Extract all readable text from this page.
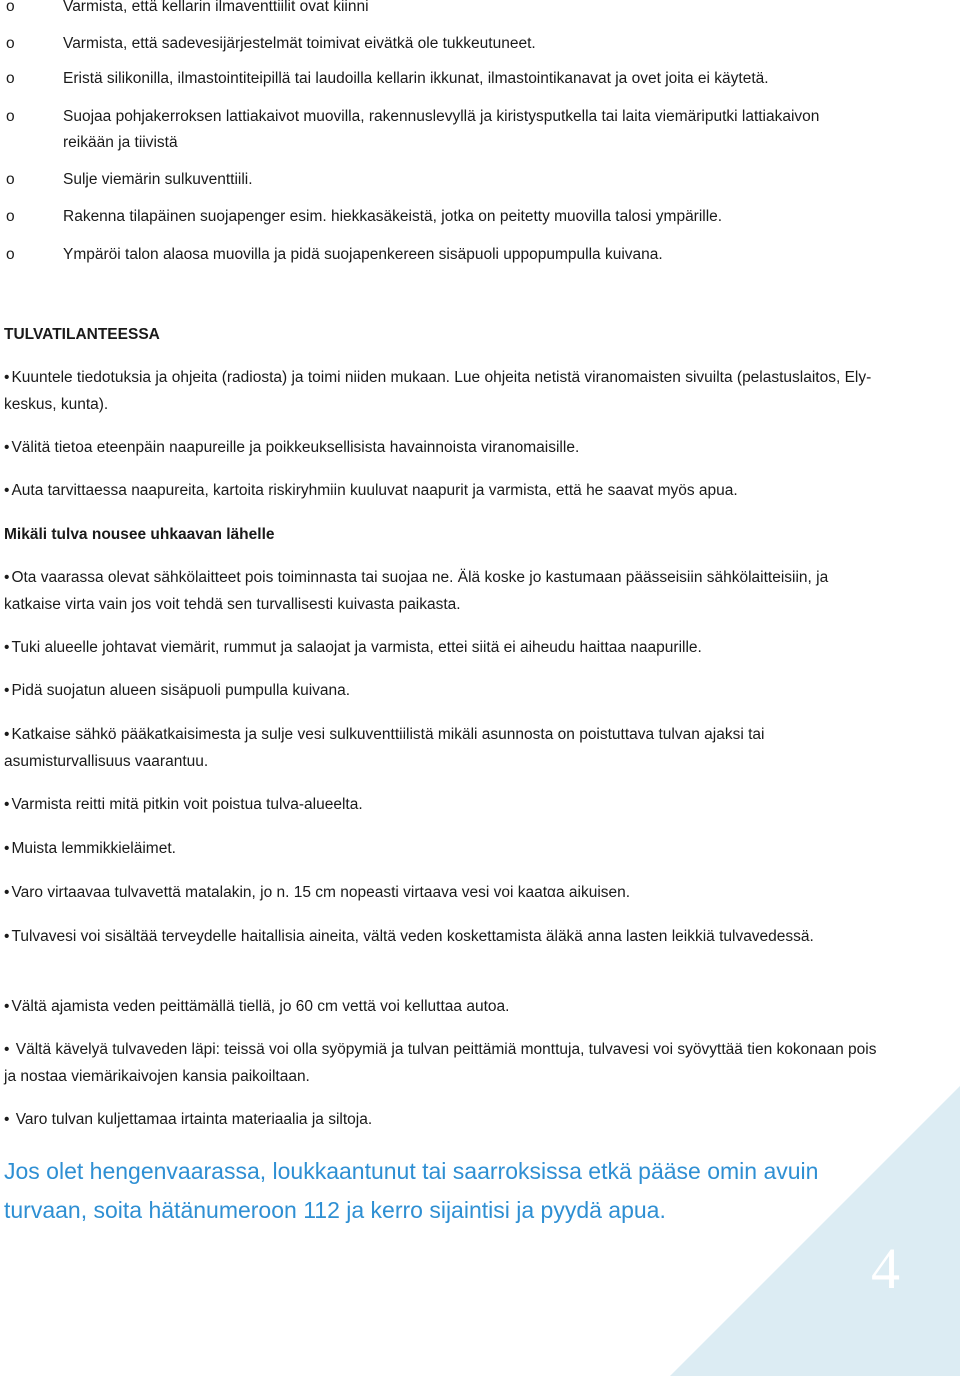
4
o	Varmista, että kellarin ilmaventtiilit ovat kiinni
o	Varmista, että sadevesijärjestelmät toimivat eivätkä ole tukkeutuneet.
o	Eristä silikonilla, ilmastointiteipillä tai laudoilla kellarin ikkunat, ilmastointikanavat ja ovet joita ei käytetä.
o	Suojaa pohjakerroksen lattiakaivot muovilla, rakennuslevyllä ja kiristysputkella tai laita viemäriputki lattiakaivon reikään ja tiivistä
o	Sulje viemärin sulkuventtiili.
o	Rakenna tilapäinen suojapenger esim. hiekkasäkeistä, jotka on peitetty muovilla talosi ympärille.
o	Ympäröi talon alaosa muovilla ja pidä suojapenkereen sisäpuoli uppopumpulla kuivana.
TULVATILANTEESSA
• Kuuntele tiedotuksia ja ohjeita (radiosta) ja toimi niiden mukaan. Lue ohjeita netistä viranomaisten sivuilta (pelastuslaitos, Ely-keskus, kunta).
• Välitä tietoa eteenpäin naapureille ja poikkeuksellisista havainnoista viranomaisille.
• Auta tarvittaessa naapureita, kartoita riskiryhmiin kuuluvat naapurit ja varmista, että he saavat myös apua.
Mikäli tulva nousee uhkaavan lähelle
• Ota vaarassa olevat sähkölaitteet pois toiminnasta tai suojaa ne. Älä koske jo kastumaan päässeisiin sähkölaitteisiin, ja katkaise virta vain jos voit tehdä sen turvallisesti kuivasta paikasta.
• Tuki alueelle johtavat viemärit, rummut ja salaojat ja varmista, ettei siitä ei aiheudu haittaa naapurille.
• Pidä suojatun alueen sisäpuoli pumpulla kuivana.
• Katkaise sähkö pääkatkaisimesta ja sulje vesi sulkuventtiilistä mikäli asunnosta on poistuttava tulvan ajaksi tai asumisturvallisuus vaarantuu.
• Varmista reitti mitä pitkin voit poistua tulva-alueelta.
• Muista lemmikkieläimet.
• Varo virtaavaa tulvavettä matalakin, jo n. 15 cm nopeasti virtaava vesi voi kaatαa aikuisen.
• Tulvavesi voi sisältää terveydelle haitallisia aineita, vältä veden koskettamista äläkä anna lasten leikkiä tulvavedessä.
• Vältä ajamista veden peittämällä tiellä, jo 60 cm vettä voi kelluttaa autoa.
• Vältä kävelyä tulvaveden läpi: teissä voi olla syöpymiä ja tulvan peittämiä monttuja, tulvavesi voi syövyttää tien kokonaan pois ja nostaa viemärikaivojen kansia paikoiltaan.
• Varo tulvan kuljettamaa irtainta materiaalia ja siltoja.
Jos olet hengenvaarassa, loukkaantunut tai saarroksissa etkä pääse omin avuin turvaan, soita hätänumeroon 112 ja kerro sijaintisi ja pyydä apua.
